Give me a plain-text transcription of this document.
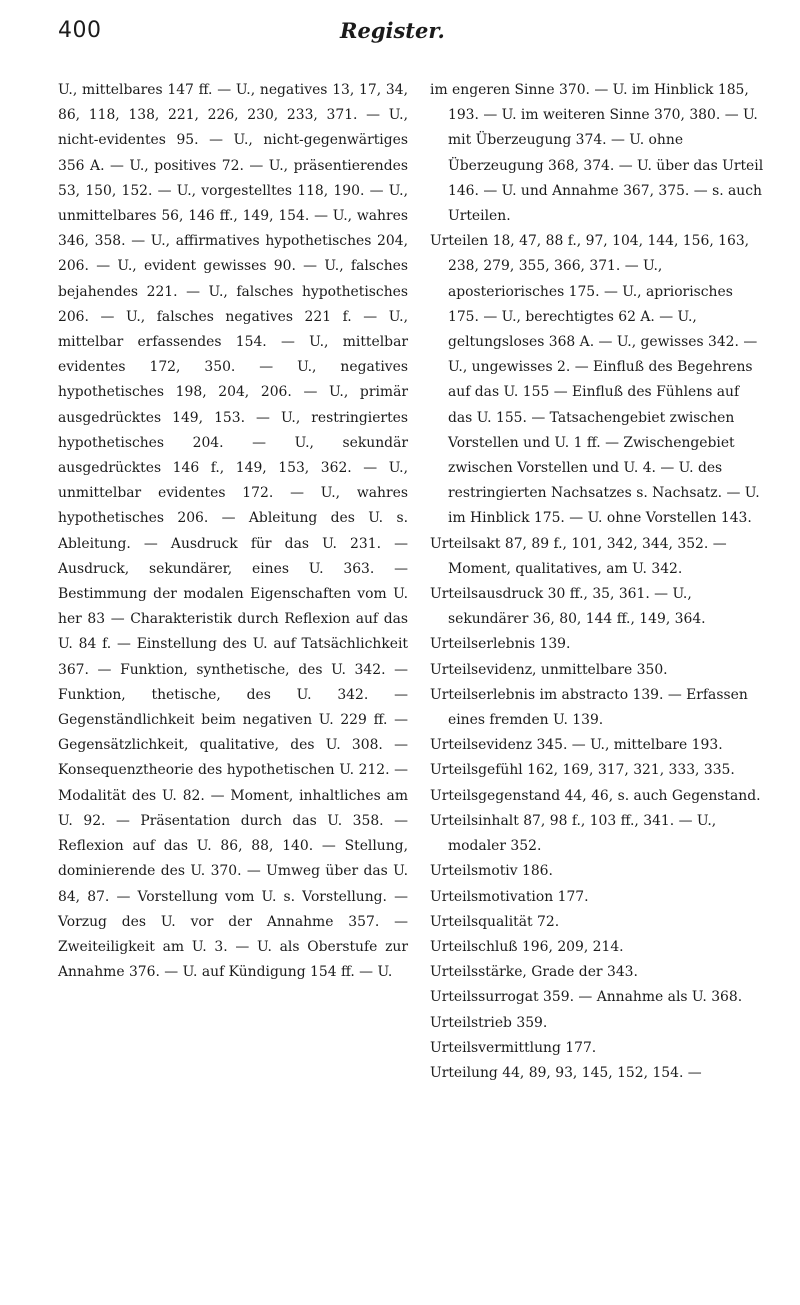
400	Register.

U., mittelbares 147 ff. — U., negatives 13, 17, 34, 86, 118, 138, 221, 226, 230, 233, 371. — U., nicht-evidentes 95. — U., nicht-gegenwärtiges 356 A. — U., positives 72. — U., präsentierendes 53, 150, 152. — U., vorgestelltes 118, 190. — U., unmittelbares 56, 146 ff., 149, 154. — U., wahres 346, 358. — U., affirmatives hypothetisches 204, 206. — U., evident gewisses 90. — U., falsches bejahendes 221. — U., falsches hypothetisches 206. — U., falsches negatives 221 f. — U., mittelbar erfassendes 154. — U., mittelbar evidentes 172, 350. — U., negatives hypothetisches 198, 204, 206. — U., primär ausgedrücktes 149, 153. — U., restringiertes hypothetisches 204. — U., sekundär ausgedrücktes 146 f., 149, 153, 362. — U., unmittelbar evidentes 172. — U., wahres hypothetisches 206. — Ableitung des U. s. Ableitung. — Ausdruck für das U. 231. — Ausdruck, sekundärer, eines U. 363. — Bestimmung der modalen Eigenschaften vom U. her 83 — Charakteristik durch Reflexion auf das U. 84 f. — Einstellung des U. auf Tatsächlichkeit 367. — Funktion, synthetische, des U. 342. — Funktion, thetische, des U. 342. — Gegenständlichkeit beim negativen U. 229 ff. — Gegensätzlichkeit, qualitative, des U. 308. — Konsequenztheorie des hypothetischen U. 212. — Modalität des U. 82. — Moment, inhaltliches am U. 92. — Präsentation durch das U. 358. — Reflexion auf das U. 86, 88, 140. — Stellung, dominierende des U. 370. — Umweg über das U. 84, 87. — Vorstellung vom U. s. Vorstellung. — Vorzug des U. vor der Annahme 357. — Zweiteiligkeit am U. 3. — U. als Oberstufe zur Annahme 376. — U. auf Kündigung 154 ff. — U.

im engeren Sinne 370. — U. im Hinblick 185, 193. — U. im weiteren Sinne 370, 380. — U. mit Überzeugung 374. — U. ohne Überzeugung 368, 374. — U. über das Urteil 146. — U. und Annahme 367, 375. — s. auch Urteilen.
Urteilen 18, 47, 88 f., 97, 104, 144, 156, 163, 238, 279, 355, 366, 371. — U., aposteriorisches 175. — U., apriorisches 175. — U., berechtigtes 62 A. — U., geltungsloses 368 A. — U., gewisses 342. — U., ungewisses 2. — Einfluß des Begehrens auf das U. 155 — Einfluß des Fühlens auf das U. 155. — Tatsachengebiet zwischen Vorstellen und U. 1 ff. — Zwischengebiet zwischen Vorstellen und U. 4. — U. des restringierten Nachsatzes s. Nachsatz. — U. im Hinblick 175. — U. ohne Vorstellen 143.
Urteilsakt 87, 89 f., 101, 342, 344, 352. — Moment, qualitatives, am U. 342.
Urteilsausdruck 30 ff., 35, 361. — U., sekundärer 36, 80, 144 ff., 149, 364.
Urteilserlebnis 139.
Urteilsevidenz, unmittelbare 350.
Urteilserlebnis im abstracto 139. — Erfassen eines fremden U. 139.
Urteilsevidenz 345. — U., mittelbare 193.
Urteilsgefühl 162, 169, 317, 321, 333, 335.
Urteilsgegenstand 44, 46, s. auch Gegenstand.
Urteilsinhalt 87, 98 f., 103 ff., 341. — U., modaler 352.
Urteilsmotiv 186.
Urteilsmotivation 177.
Urteilsqualität 72.
Urteilschluß 196, 209, 214.
Urteilsstärke, Grade der 343.
Urteilssurrogat 359. — Annahme als U. 368.
Urteilstrieb 359.
Urteilsvermittlung 177.
Urteilung 44, 89, 93, 145, 152, 154. —
